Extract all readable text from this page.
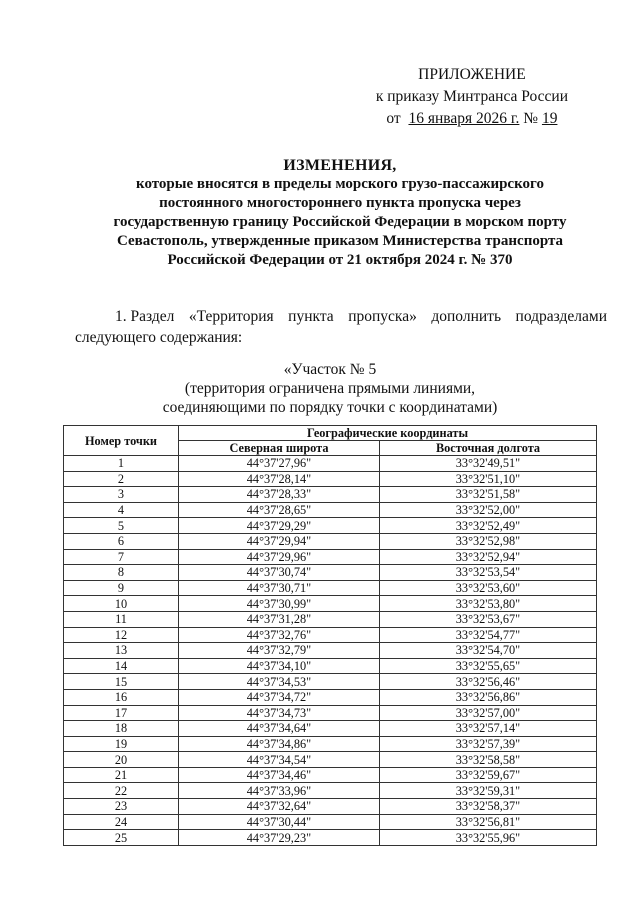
ПРИЛОЖЕНИЕ
к приказу Минтранса России
от 16 января 2026 г. № 19
ИЗМЕНЕНИЯ,
которые вносятся в пределы морского грузо-пассажирского
постоянного многостороннего пункта пропуска через
государственную границу Российской Федерации в морском порту
Севастополь, утвержденные приказом Министерства транспорта
Российской Федерации от 21 октября 2024 г. № 370
1. Раздел «Территория пункта пропуска» дополнить подразделами
следующего содержания:
«Участок № 5
(территория ограничена прямыми линиями,
соединяющими по порядку точки с координатами)
Номер точки	Географические координаты	
	Северная широта	Восточная долгота
1	44°37'27,96"	33°32'49,51"
2	44°37'28,14"	33°32'51,10"
3	44°37'28,33"	33°32'51,58"
4	44°37'28,65"	33°32'52,00"
5	44°37'29,29"	33°32'52,49"
6	44°37'29,94"	33°32'52,98"
7	44°37'29,96"	33°32'52,94"
8	44°37'30,74"	33°32'53,54"
9	44°37'30,71"	33°32'53,60"
10	44°37'30,99"	33°32'53,80"
11	44°37'31,28"	33°32'53,67"
12	44°37'32,76"	33°32'54,77"
13	44°37'32,79"	33°32'54,70"
14	44°37'34,10"	33°32'55,65"
15	44°37'34,53"	33°32'56,46"
16	44°37'34,72"	33°32'56,86"
17	44°37'34,73"	33°32'57,00"
18	44°37'34,64"	33°32'57,14"
19	44°37'34,86"	33°32'57,39"
20	44°37'34,54"	33°32'58,58"
21	44°37'34,46"	33°32'59,67"
22	44°37'33,96"	33°32'59,31"
23	44°37'32,64"	33°32'58,37"
24	44°37'30,44"	33°32'56,81"
25	44°37'29,23"	33°32'55,96"
